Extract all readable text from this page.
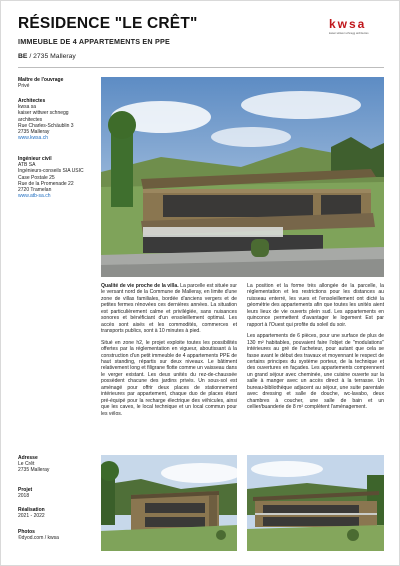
RÉSIDENCE "LE CRÊT"
IMMEUBLE DE 4 APPARTEMENTS EN PPE
BE / 2735 Malleray
kwsa
kaiser wittwer schnegg architectes
Maître de l'ouvrage
Privé
Architectes
kwsa sa
kaiser wittwer schnegg
architectes
Rue Charles-Schäublin 3
2735 Malleray
www.kwsa.ch
Ingénieur civil
ATB SA
Ingénieurs-conseils SIA USIC
Case Postale 25
Rue de la Promenade 22
2720 Tramelan
www.atb-sa.ch
Adresse
Le Crêt
2735 Malleray
Projet
2018
Réalisation
2021 - 2022
Photos
©dyod.com / kwsa

Qualité de vie proche de la villa. La parcelle est située sur le versant nord de la Commune de Malleray, en limite d'une zone de villas familiales, bordée d'anciens vergers et de petites fermes rénovées ces dernières années. La situation est particulièrement calme et privilégiée, sans nuisances sonores et bénéficiant d'un ensoleillement optimal. Les accès sont aisés et les commodités, commerces et transports publics, sont à 10 minutes à pied.

Situé en zone h2, le projet exploite toutes les possibilités offertes par la réglementation en vigueur, aboutissant à la construction d'un petit immeuble de 4 appartements PPE de haut standing, répartis sur deux niveaux. Le bâtiment relativement long et filigrane flotte comme un vaisseau dans le verger existant. Les deux unités du rez-de-chaussée possèdent chacune des jardins privés. Un sous-sol est aménagé pour offrir deux places de stationnement intérieures par appartement, chaque duo de places étant pré-équipé pour la recharge électrique des véhicules, ainsi que les caves, le local technique et un local commun pour les vélos.

La position et la forme très allongée de la parcelle, la réglementation et les restrictions pour les distances au ruisseau enterré, les vues et l'ensoleillement ont dicté la géométrie des appartements afin que toutes les unités aient leurs lieux de vie ouverts plein sud. Les appartements en quinconce permettent d'avantager le logement Est par rapport à l'Ouest qui profite du soleil du soir.

Les appartements de 6 pièces, pour une surface de plus de 130 m² habitables, pouvaient faire l'objet de "modulations" intérieures au gré de l'acheteur, pour autant que cela se fasse avant le début des travaux et moyennant le respect de certains principes du système porteur, de la technique et des ouvertures en façades. Les appartements comprennent un grand séjour avec cheminée, une cuisine ouverte sur la salle à manger avec un accès direct à la terrasse. Un bureau-bibliothèque adjacent au séjour, une suite parentale avec dressing et salle de douche, wc-lavabo, deux chambres à coucher, une salle de bain et un cellier/buanderie de 8 m² complètent l'aménagement.
